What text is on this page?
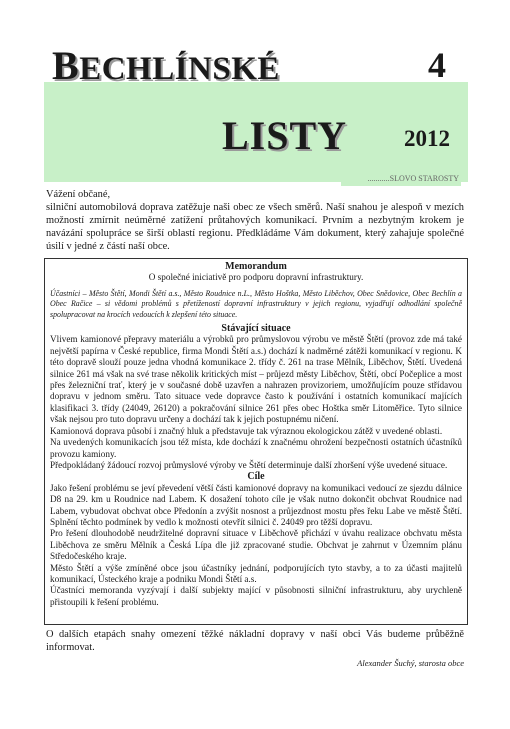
BECHLÍNSKÉ	4
LISTY 2012
...........SLOVO STAROSTY

Vážení občané,

silniční automobilová doprava zatěžuje naši obec ze všech směrů. Naší snahou je alespoň v mezích možností zmírnit neúměrné zatížení průtahových komunikací. Prvním a nezbytným krokem je navázání spolupráce se širší oblastí regionu. Předkládáme Vám dokument, který zahajuje společné úsilí v jedné z částí naší obce.

Memorandum

O společné iniciativě pro podporu dopravní infrastruktury.

Účastníci – Město Štětí, Mondi Štětí a.s., Město Roudnice n.L., Město Hoštka, Město Liběchov, Obec Snědovice, Obec Bechlín a Obec Račice – si vědomi problémů s přetížeností dopravní infrastruktury v jejich regionu, vyjadřují odhodlání společně spolupracovat na krocích vedoucích k zlepšení této situace.

Stávající situace

Vlivem kamionové přepravy materiálu a výrobků pro průmyslovou výrobu ve městě Štětí (provoz zde má také největší papírna v České republice, firma Mondi Štětí a.s.) dochází k nadměrné zátěži komunikací v regionu. K této dopravě slouží pouze jedna vhodná komunikace 2. třídy č. 261 na trase Mělník, Liběchov, Štětí. Uvedená silnice 261 má však na své trase několik kritických míst – průjezd městy Liběchov, Štětí, obcí Počeplice a most přes železniční trať, který je v současné době uzavřen a nahrazen provizoriem, umožňujícím pouze střídavou dopravu v jednom směru. Tato situace vede dopravce často k používání i ostatních komunikací majících klasifikaci 3. třídy (24049, 26120) a pokračování silnice 261 přes obec Hoštka směr Litoměřice. Tyto silnice však nejsou pro tuto dopravu určeny a dochází tak k jejich postupnému ničení.

Kamionová doprava působí i značný hluk a představuje tak výraznou ekologickou zátěž v uvedené oblasti.

Na uvedených komunikacích jsou též místa, kde dochází k značnému ohrožení bezpečnosti ostatních účastníků provozu kamiony.

Předpokládaný žádoucí rozvoj průmyslové výroby ve Štětí determinuje další zhoršení výše uvedené situace.

Cíle

Jako řešení problému se jeví převedení větší části kamionové dopravy na komunikaci vedoucí ze sjezdu dálnice D8 na 29. km u Roudnice nad Labem. K dosažení tohoto cíle je však nutno dokončit obchvat Roudnice nad Labem, vybudovat obchvat obce Předonín a zvýšit nosnost a průjezdnost mostu přes řeku Labe ve městě Štětí. Splnění těchto podmínek by vedlo k možnosti otevřít silnici č. 24049 pro těžší dopravu.

Pro řešení dlouhodobě neudržitelné dopravní situace v Liběchově přichází v úvahu realizace obchvatu města Liběchova ze směru Mělník a Česká Lípa dle již zpracované studie. Obchvat je zahrnut v Územním plánu Středočeského kraje.

Město Štětí a výše zmíněné obce jsou účastníky jednání, podporujících tyto stavby, a to za účasti majitelů komunikací, Ústeckého kraje a podniku Mondi Štětí a.s.

Účastníci memoranda vyzývají i další subjekty mající v působnosti silniční infrastrukturu, aby urychleně přistoupili k řešení problému.

O dalších etapách snahy omezení těžké nákladní dopravy v naší obci Vás budeme průběžně informovat.

Alexander Šuchý, starosta obce
